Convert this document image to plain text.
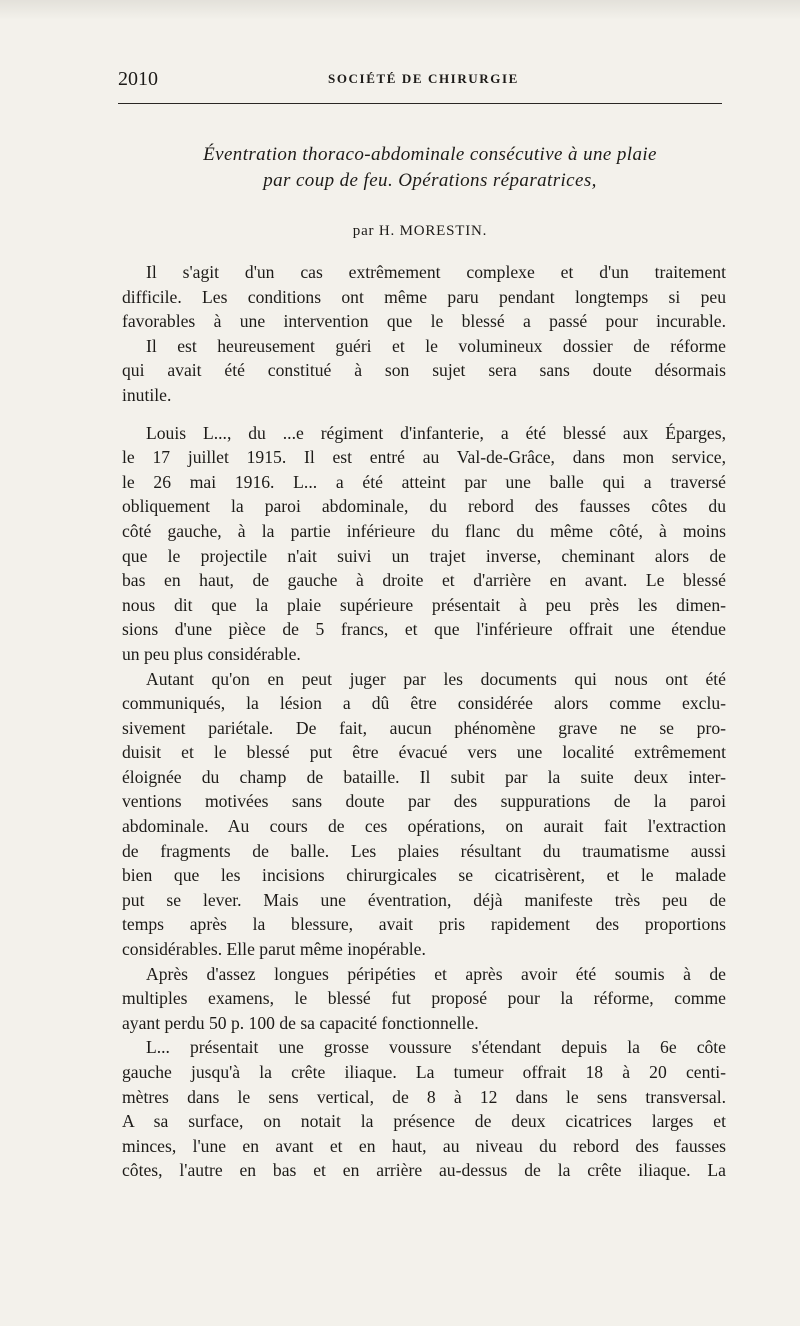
2010	SOCIÉTÉ DE CHIRURGIE
Éventration thoraco-abdominale consécutive à une plaie
par coup de feu. Opérations réparatrices,
par H. MORESTIN.
Il s'agit d'un cas extrêmement complexe et d'un traitement
difficile. Les conditions ont même paru pendant longtemps si peu
favorables à une intervention que le blessé a passé pour incurable.
Il est heureusement guéri et le volumineux dossier de réforme
qui avait été constitué à son sujet sera sans doute désormais
inutile.
Louis L..., du ...e régiment d'infanterie, a été blessé aux Éparges,
le 17 juillet 1915. Il est entré au Val-de-Grâce, dans mon service,
le 26 mai 1916. L... a été atteint par une balle qui a traversé
obliquement la paroi abdominale, du rebord des fausses côtes du
côté gauche, à la partie inférieure du flanc du même côté, à moins
que le projectile n'ait suivi un trajet inverse, cheminant alors de
bas en haut, de gauche à droite et d'arrière en avant. Le blessé
nous dit que la plaie supérieure présentait à peu près les dimen-
sions d'une pièce de 5 francs, et que l'inférieure offrait une étendue
un peu plus considérable.
Autant qu'on en peut juger par les documents qui nous ont été
communiqués, la lésion a dû être considérée alors comme exclu-
sivement pariétale. De fait, aucun phénomène grave ne se pro-
duisit et le blessé put être évacué vers une localité extrêmement
éloignée du champ de bataille. Il subit par la suite deux inter-
ventions motivées sans doute par des suppurations de la paroi
abdominale. Au cours de ces opérations, on aurait fait l'extraction
de fragments de balle. Les plaies résultant du traumatisme aussi
bien que les incisions chirurgicales se cicatrisèrent, et le malade
put se lever. Mais une éventration, déjà manifeste très peu de
temps après la blessure, avait pris rapidement des proportions
considérables. Elle parut même inopérable.
Après d'assez longues péripéties et après avoir été soumis à de
multiples examens, le blessé fut proposé pour la réforme, comme
ayant perdu 50 p. 100 de sa capacité fonctionnelle.
L... présentait une grosse voussure s'étendant depuis la 6e côte
gauche jusqu'à la crête iliaque. La tumeur offrait 18 à 20 centi-
mètres dans le sens vertical, de 8 à 12 dans le sens transversal.
A sa surface, on notait la présence de deux cicatrices larges et
minces, l'une en avant et en haut, au niveau du rebord des fausses
côtes, l'autre en bas et en arrière au-dessus de la crête iliaque. La
